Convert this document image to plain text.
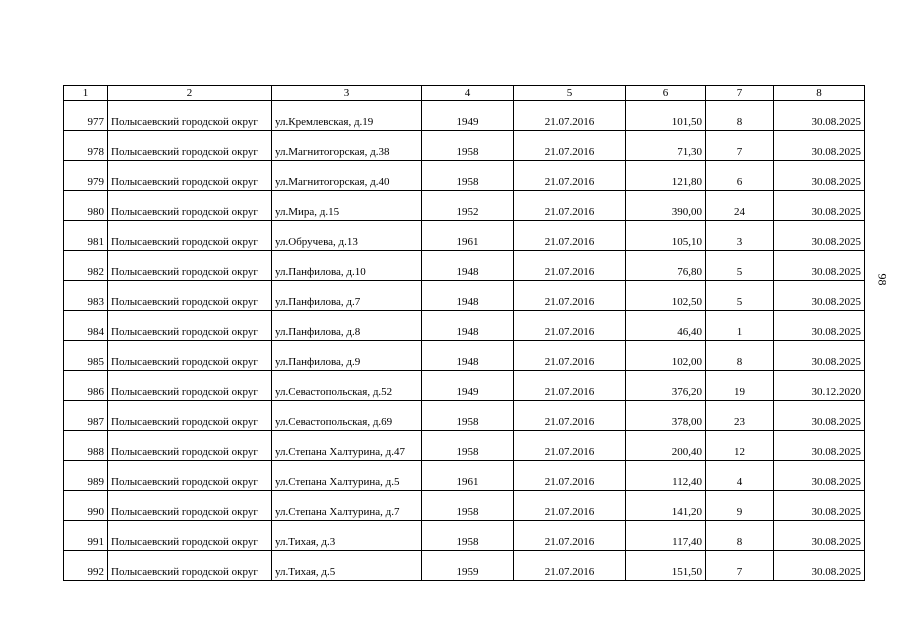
1	2	3	4	5	6	7	8
977	Полысаевский городской округ	ул.Кремлевская, д.19	1949	21.07.2016	101,50	8	30.08.2025
978	Полысаевский городской округ	ул.Магнитогорская, д.38	1958	21.07.2016	71,30	7	30.08.2025
979	Полысаевский городской округ	ул.Магнитогорская, д.40	1958	21.07.2016	121,80	6	30.08.2025
980	Полысаевский городской округ	ул.Мира, д.15	1952	21.07.2016	390,00	24	30.08.2025
981	Полысаевский городской округ	ул.Обручева, д.13	1961	21.07.2016	105,10	3	30.08.2025
982	Полысаевский городской округ	ул.Панфилова, д.10	1948	21.07.2016	76,80	5	30.08.2025
983	Полысаевский городской округ	ул.Панфилова, д.7	1948	21.07.2016	102,50	5	30.08.2025
984	Полысаевский городской округ	ул.Панфилова, д.8	1948	21.07.2016	46,40	1	30.08.2025
985	Полысаевский городской округ	ул.Панфилова, д.9	1948	21.07.2016	102,00	8	30.08.2025
986	Полысаевский городской округ	ул.Севастопольская, д.52	1949	21.07.2016	376,20	19	30.12.2020
987	Полысаевский городской округ	ул.Севастопольская, д.69	1958	21.07.2016	378,00	23	30.08.2025
988	Полысаевский городской округ	ул.Степана Халтурина, д.47	1958	21.07.2016	200,40	12	30.08.2025
989	Полысаевский городской округ	ул.Степана Халтурина, д.5	1961	21.07.2016	112,40	4	30.08.2025
990	Полысаевский городской округ	ул.Степана Халтурина, д.7	1958	21.07.2016	141,20	9	30.08.2025
991	Полысаевский городской округ	ул.Тихая, д.3	1958	21.07.2016	117,40	8	30.08.2025
992	Полысаевский городской округ	ул.Тихая, д.5	1959	21.07.2016	151,50	7	30.08.2025
98
